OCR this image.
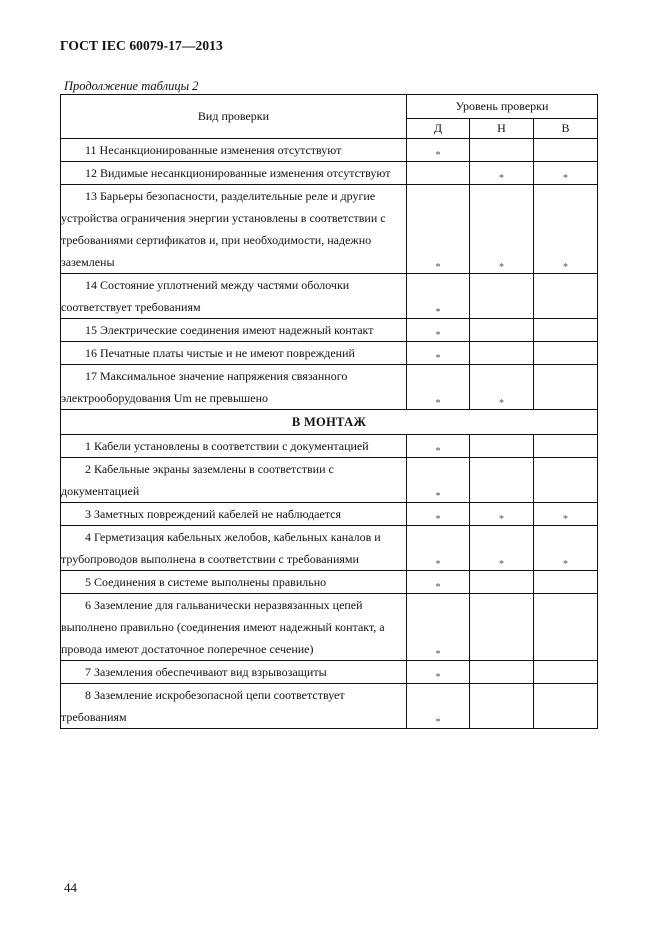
ГОСТ IEC 60079-17—2013
Продолжение таблицы 2
Вид проверки	Уровень проверки		
	Д	Н	В
11 Несанкционированные изменения отсутствуют	*		
12 Видимые несанкционированные изменения отсутствуют		*	*
13 Барьеры безопасности, разделительные реле и другие устройства ограничения энергии установлены в соответствии с требованиями сертификатов и, при необходимости, надежно заземлены	*	*	*
14 Состояние уплотнений между частями оболочки соответствует требованиям	*		
15 Электрические соединения имеют надежный контакт	*		
16 Печатные платы чистые и не имеют повреждений	*		
17 Максимальное значение напряжения связанного электрооборудования Um не превышено	*	*	
В МОНТАЖ			
1 Кабели установлены в соответствии с документацией	*		
2 Кабельные экраны заземлены в соответствии с документацией	*		
3 Заметных повреждений кабелей не наблюдается	*	*	*
4 Герметизация кабельных желобов, кабельных каналов и трубопроводов выполнена в соответствии с требованиями	*	*	*
5 Соединения в системе выполнены правильно	*		
6 Заземление для гальванически неразвязанных цепей выполнено правильно (соединения имеют надежный контакт, а провода имеют достаточное поперечное сечение)	*		
7 Заземления обеспечивают вид взрывозащиты	*		
8 Заземление искробезопасной цепи соответствует требованиям	*		
44
